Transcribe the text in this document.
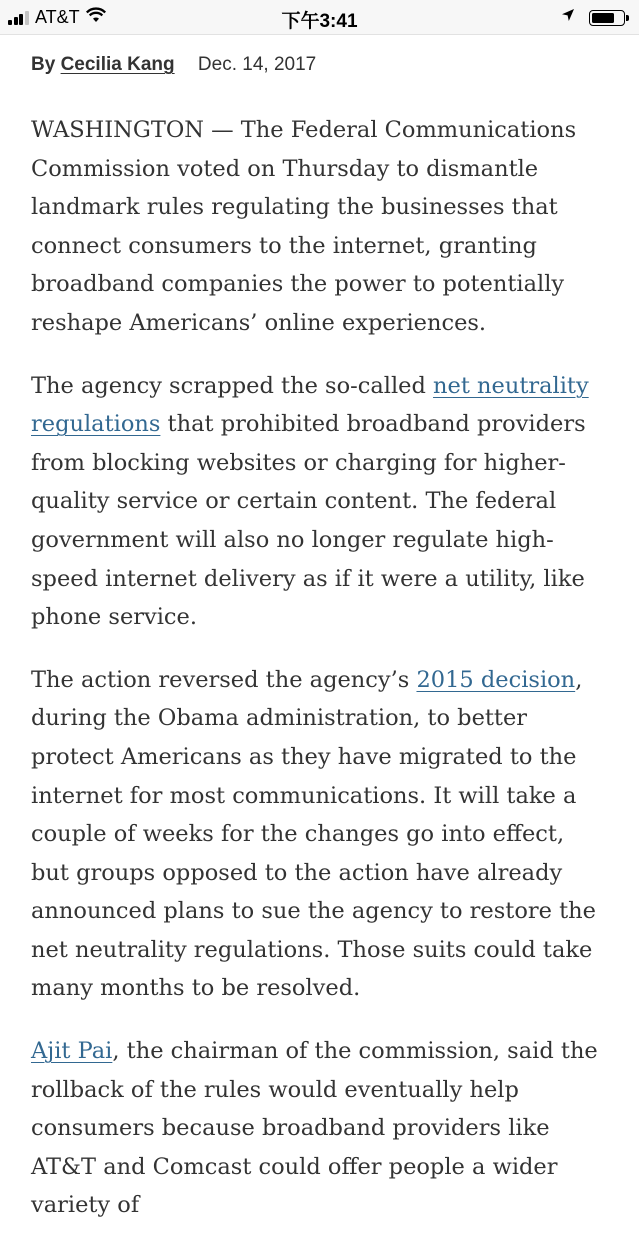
AT&T	下午3:41
By Cecilia Kang Dec. 14, 2017

WASHINGTON — The Federal Communications Commission voted on Thursday to dismantle landmark rules regulating the businesses that connect consumers to the internet, granting broadband companies the power to potentially reshape Americans’ online experiences.

The agency scrapped the so-called net neutrality regulations that prohibited broadband providers from blocking websites or charging for higher-quality service or certain content. The federal government will also no longer regulate high-speed internet delivery as if it were a utility, like phone service.

The action reversed the agency’s 2015 decision, during the Obama administration, to better protect Americans as they have migrated to the internet for most communications. It will take a couple of weeks for the changes go into effect, but groups opposed to the action have already announced plans to sue the agency to restore the net neutrality regulations. Those suits could take many months to be resolved.

Ajit Pai, the chairman of the commission, said the rollback of the rules would eventually help consumers because broadband providers like AT&T and Comcast could offer people a wider variety of
